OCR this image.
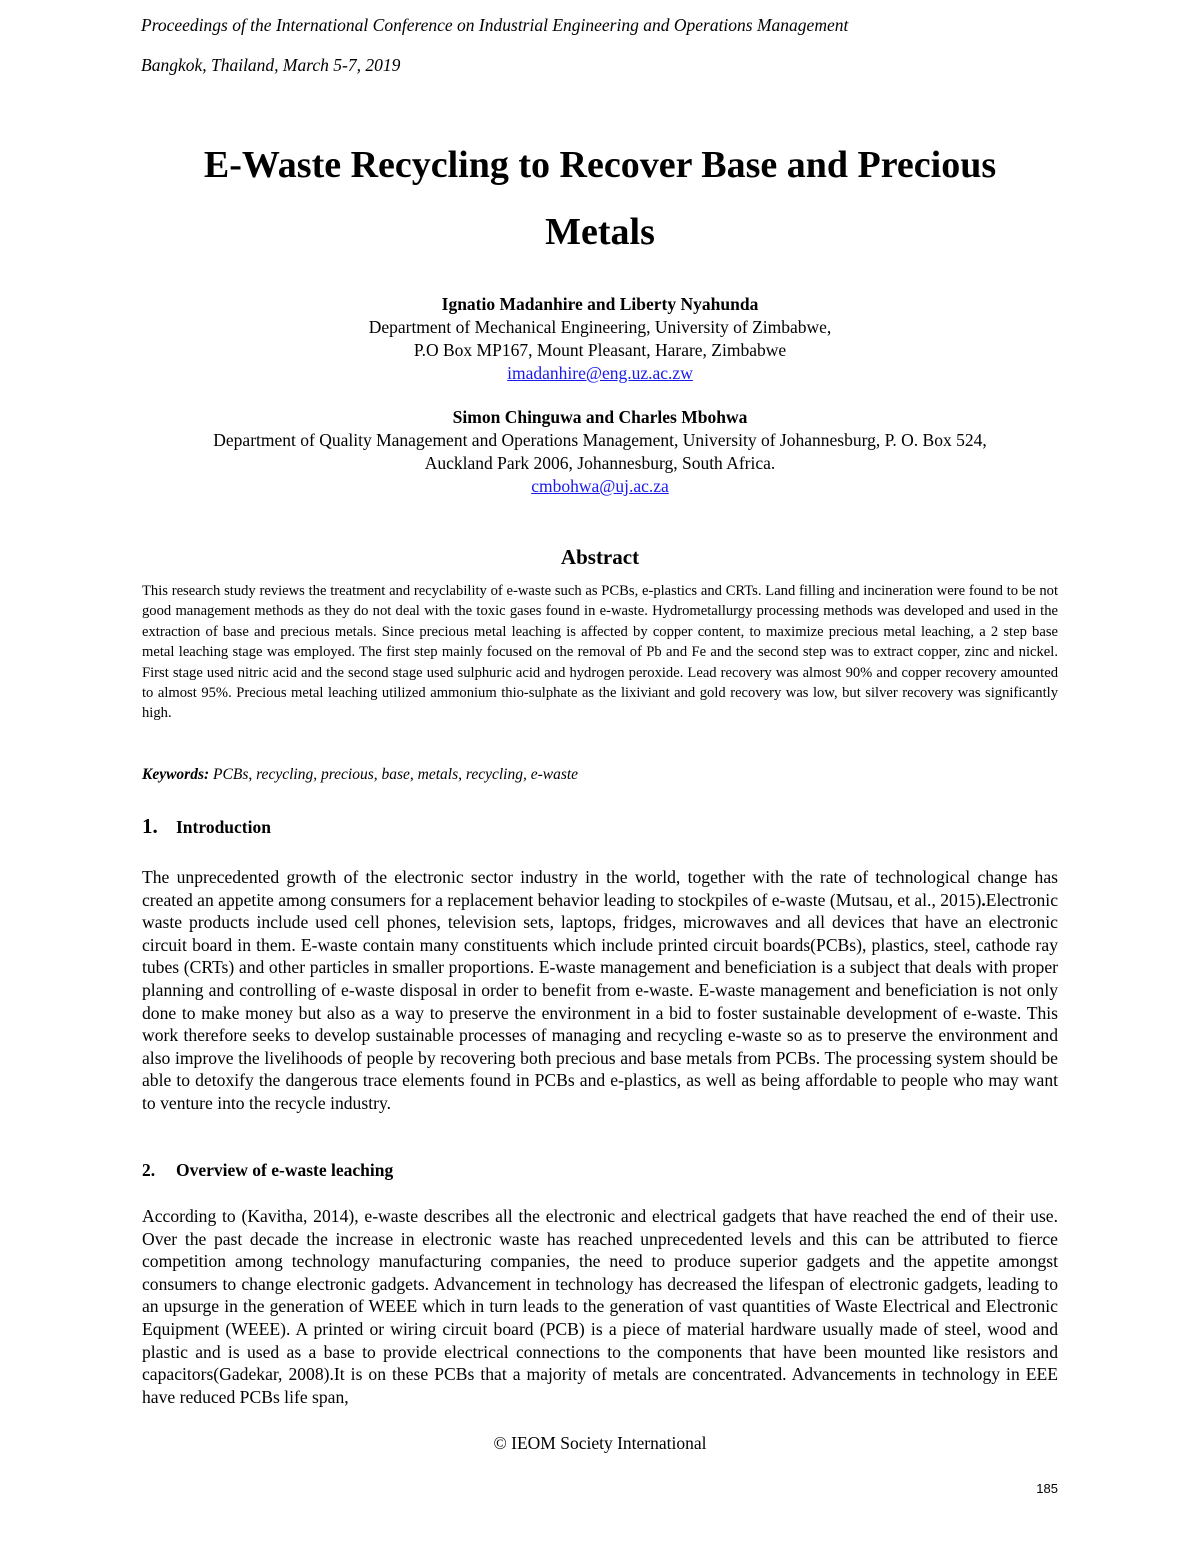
Proceedings of the International Conference on Industrial Engineering and Operations Management
Bangkok, Thailand, March 5-7, 2019
E-Waste Recycling to Recover Base and Precious
Metals
Ignatio Madanhire and Liberty Nyahunda
Department of Mechanical Engineering, University of Zimbabwe,
P.O Box MP167, Mount Pleasant, Harare, Zimbabwe
imadanhire@eng.uz.ac.zw
Simon Chinguwa and Charles Mbohwa
Department of Quality Management and Operations Management, University of Johannesburg, P. O. Box 524,
Auckland Park 2006, Johannesburg, South Africa.
cmbohwa@uj.ac.za
Abstract
This research study reviews the treatment and recyclability of e-waste such as PCBs, e-plastics and CRTs. Land filling and incineration were found to be not good management methods as they do not deal with the toxic gases found in e-waste. Hydrometallurgy processing methods was developed and used in the extraction of base and precious metals. Since precious metal leaching is affected by copper content, to maximize precious metal leaching, a 2 step base metal leaching stage was employed. The first step mainly focused on the removal of Pb and Fe and the second step was to extract copper, zinc and nickel. First stage used nitric acid and the second stage used sulphuric acid and hydrogen peroxide. Lead recovery was almost 90% and copper recovery amounted to almost 95%. Precious metal leaching utilized ammonium thio-sulphate as the lixiviant and gold recovery was low, but silver recovery was significantly high.
Keywords: PCBs, recycling, precious, base, metals, recycling, e-waste
1. Introduction
The unprecedented growth of the electronic sector industry in the world, together with the rate of technological change has created an appetite among consumers for a replacement behavior leading to stockpiles of e-waste (Mutsau, et al., 2015).Electronic waste products include used cell phones, television sets, laptops, fridges, microwaves and all devices that have an electronic circuit board in them. E-waste contain many constituents which include printed circuit boards(PCBs), plastics, steel, cathode ray tubes (CRTs) and other particles in smaller proportions. E-waste management and beneficiation is a subject that deals with proper planning and controlling of e-waste disposal in order to benefit from e-waste. E-waste management and beneficiation is not only done to make money but also as a way to preserve the environment in a bid to foster sustainable development of e-waste. This work therefore seeks to develop sustainable processes of managing and recycling e-waste so as to preserve the environment and also improve the livelihoods of people by recovering both precious and base metals from PCBs. The processing system should be able to detoxify the dangerous trace elements found in PCBs and e-plastics, as well as being affordable to people who may want to venture into the recycle industry.
2. Overview of e-waste leaching
According to (Kavitha, 2014), e-waste describes all the electronic and electrical gadgets that have reached the end of their use. Over the past decade the increase in electronic waste has reached unprecedented levels and this can be attributed to fierce competition among technology manufacturing companies, the need to produce superior gadgets and the appetite amongst consumers to change electronic gadgets. Advancement in technology has decreased the lifespan of electronic gadgets, leading to an upsurge in the generation of WEEE which in turn leads to the generation of vast quantities of Waste Electrical and Electronic Equipment (WEEE). A printed or wiring circuit board (PCB) is a piece of material hardware usually made of steel, wood and plastic and is used as a base to provide electrical connections to the components that have been mounted like resistors and capacitors(Gadekar, 2008).It is on these PCBs that a majority of metals are concentrated. Advancements in technology in EEE have reduced PCBs life span,
© IEOM Society International
185
